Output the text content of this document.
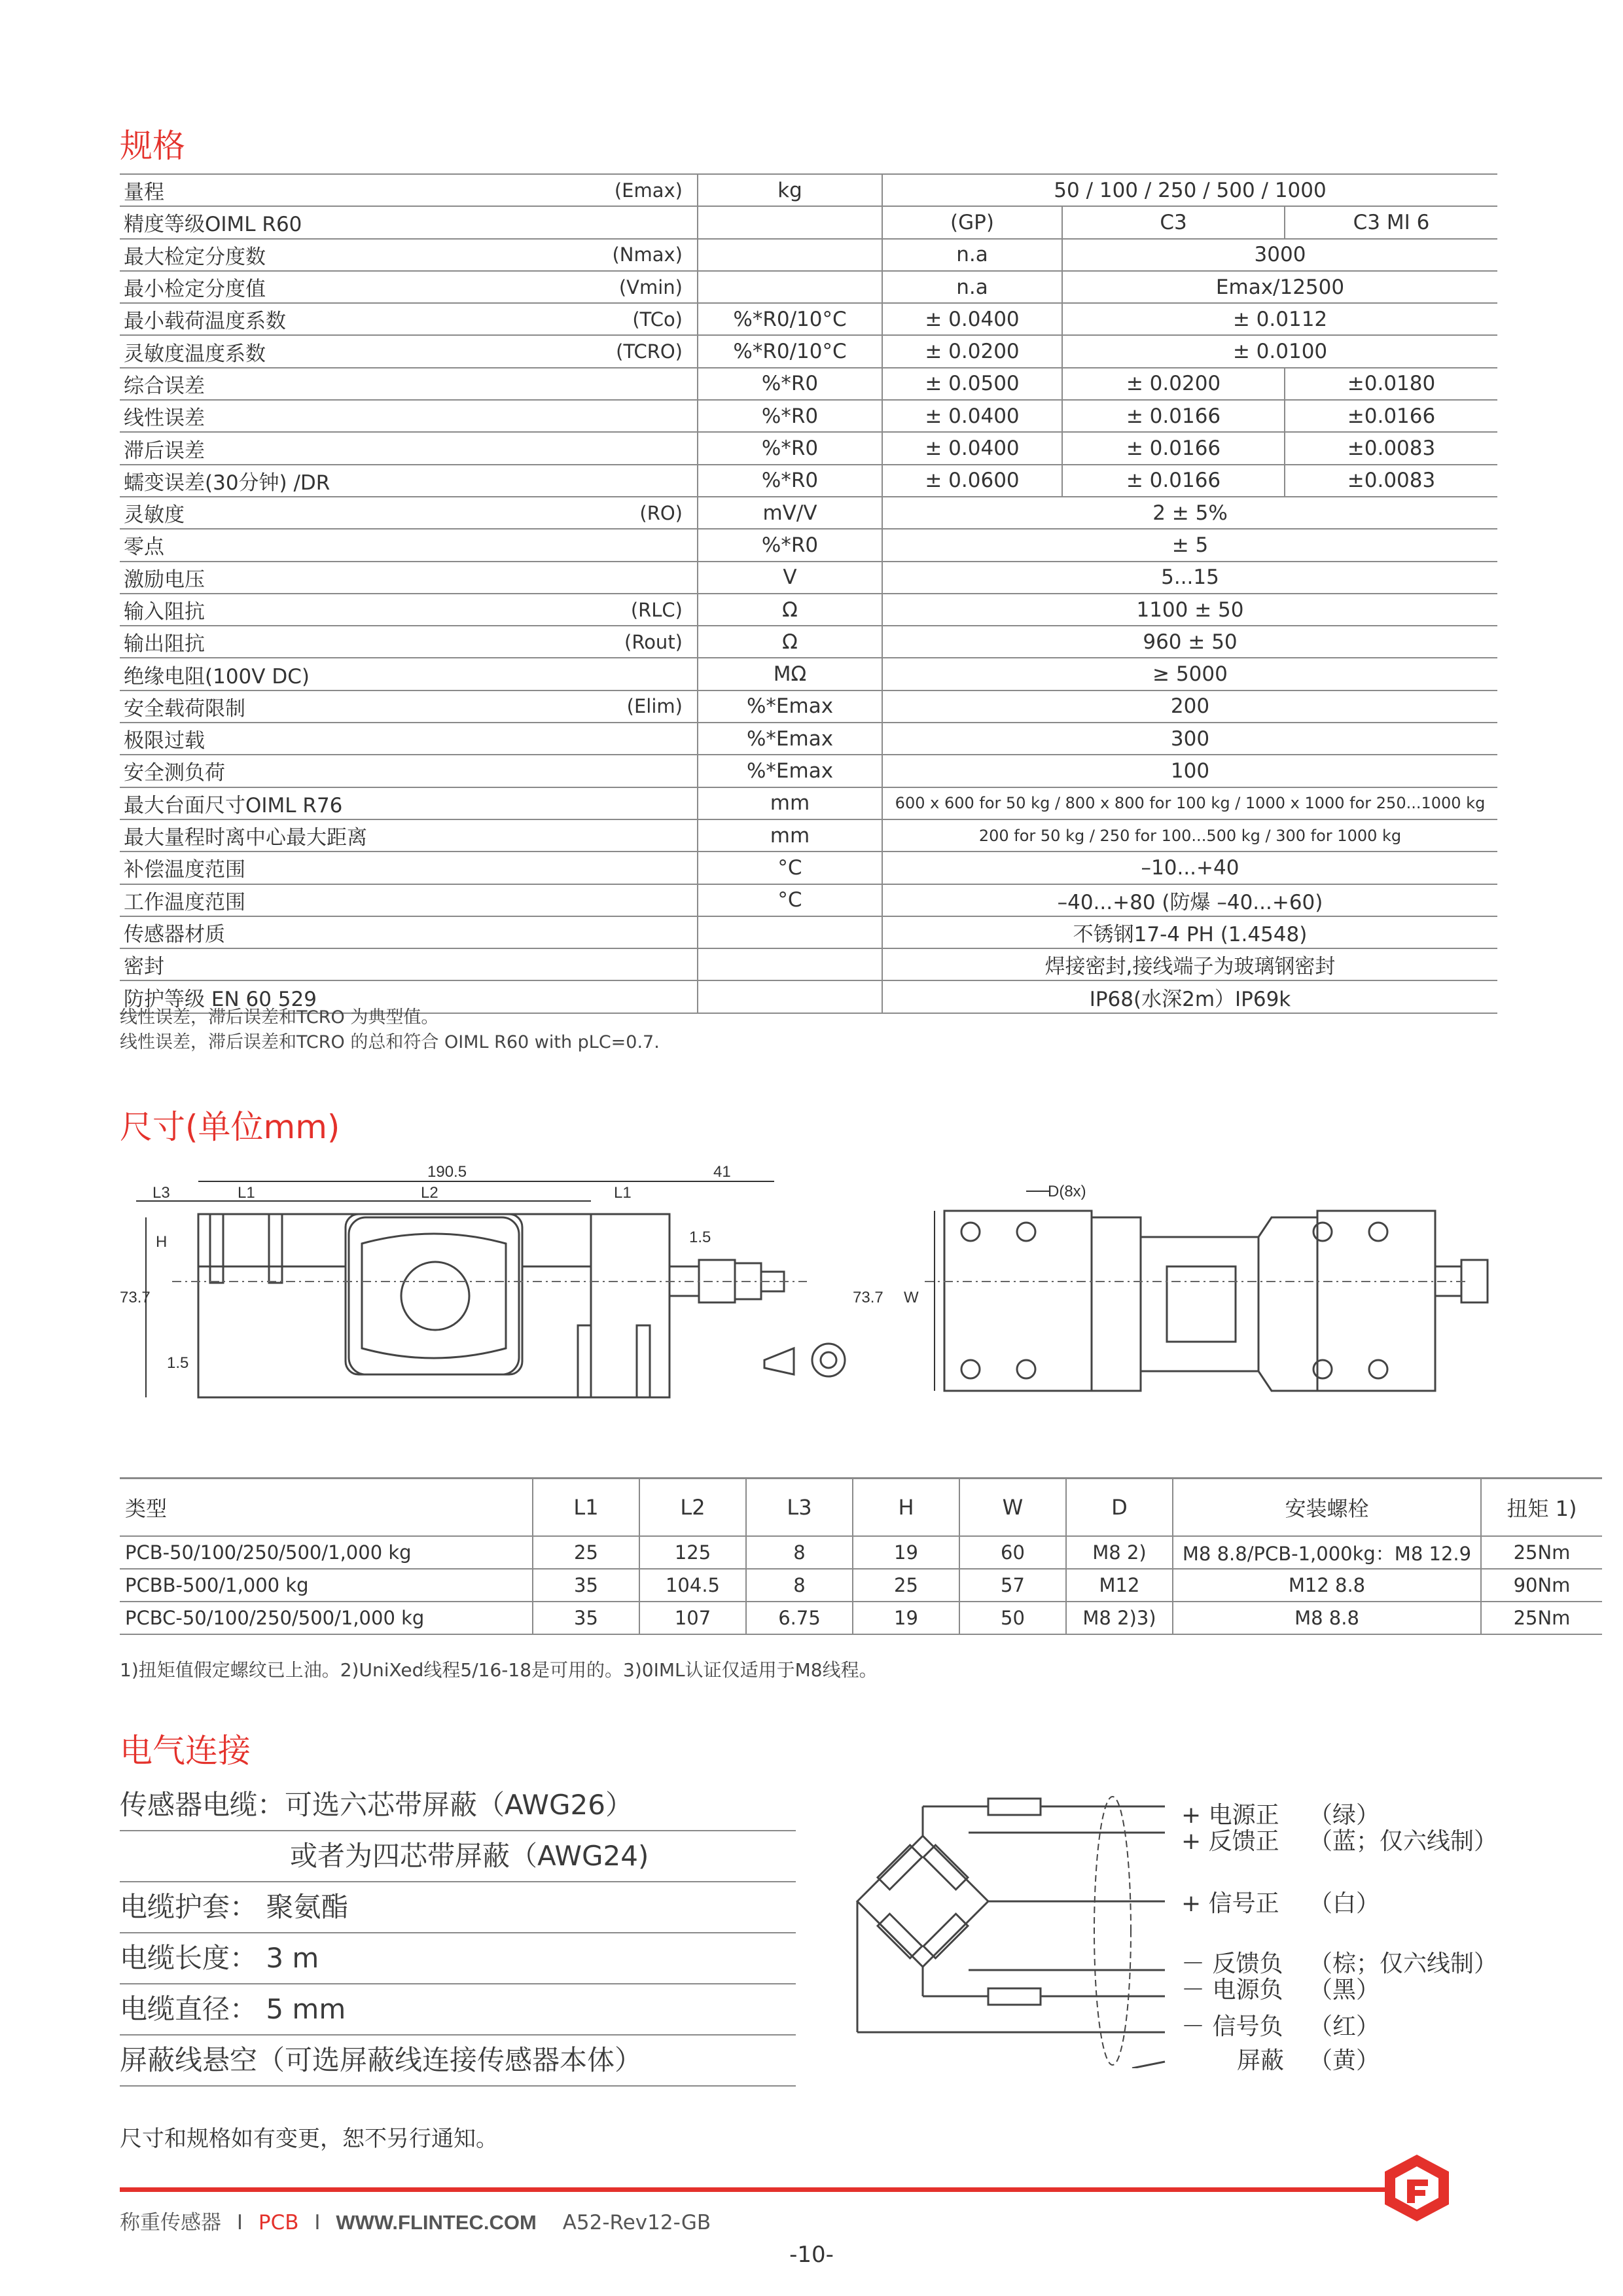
规格
量程 (Emax)	kg	50 / 100 / 250 / 500 / 1000		
精度等级OIML R60		(GP)	C3	C3 MI 6
最大检定分度数 (Nmax)		n.a	3000	
最小检定分度值 (Vmin)		n.a	Emax/12500	
最小载荷温度系数 (TCo)	%*R0/10°C	± 0.0400	± 0.0112	
灵敏度温度系数 (TCRO)	%*R0/10°C	± 0.0200	± 0.0100	
综合误差	%*R0	± 0.0500	± 0.0200	±0.0180
线性误差	%*R0	± 0.0400	± 0.0166	±0.0166
滞后误差	%*R0	± 0.0400	± 0.0166	±0.0083
蠕变误差(30分钟) /DR	%*R0	± 0.0600	± 0.0166	±0.0083
灵敏度 (RO)	mV/V	2 ± 5%		
零点	%*R0	± 5		
激励电压	V	5...15		
输入阻抗 (RLC)	Ω	1100 ± 50		
输出阻抗 (Rout)	Ω	960 ± 50		
绝缘电阻(100V DC)	MΩ	≥ 5000		
安全载荷限制 (Elim)	%*Emax	200		
极限过载	%*Emax	300		
安全测负荷	%*Emax	100		
最大台面尺寸OIML R76	mm	600 x 600 for 50 kg / 800 x 800 for 100 kg / 1000 x 1000 for 250...1000 kg		
最大量程时离中心最大距离	mm	200 for 50 kg / 250 for 100...500 kg / 300 for 1000 kg		
补偿温度范围	°C	–10...+40		
工作温度范围	°C	–40...+80 (防爆 –40...+60)		
传感器材质		不锈钢17-4 PH (1.4548)		
密封		焊接密封,接线端子为玻璃钢密封		
防护等级 EN 60 529		IP68(水深2m）IP69k		
线性误差，滞后误差和TCRO 为典型值。
线性误差，滞后误差和TCRO 的总和符合 OIML R60 with pLC=0.7.
尺寸(单位mm)
190.5	41
L3	L1	L2	L1
1.5
H
73.7
1.5
D(8x)
73.7 W
类型	L1	L2	L3	H	W	D	安装螺栓	扭矩 1)
PCB-50/100/250/500/1,000 kg	25	125	8	19	60	M8 2)	M8 8.8/PCB-1,000kg：M8 12.9	25Nm
PCBB-500/1,000 kg	35	104.5	8	25	57	M12	M12 8.8	90Nm
PCBC-50/100/250/500/1,000 kg	35	107	6.75	19	50	M8 2)3)	M8 8.8	25Nm
1)扭矩值假定螺纹已上油。2)UniXed线程5/16-18是可用的。3)0IML认证仅适用于M8线程。
电气连接
传感器电缆：可选六芯带屏蔽（AWG26）
或者为四芯带屏蔽（AWG24)
电缆护套： 聚氨酯
电缆长度： 3 m
电缆直径： 5 mm
屏蔽线悬空（可选屏蔽线连接传感器本体）
+ 电源正 （绿）
+ 反馈正 （蓝；仅六线制）
+ 信号正 （白）
－ 反馈负 （棕；仅六线制）
－ 电源负 （黑）
－ 信号负 （红）
屏蔽 （黄）
尺寸和规格如有变更，恕不另行通知。
称重传感器 I PCB I WWW.FLINTEC.COM A52-Rev12-GB
-10-
